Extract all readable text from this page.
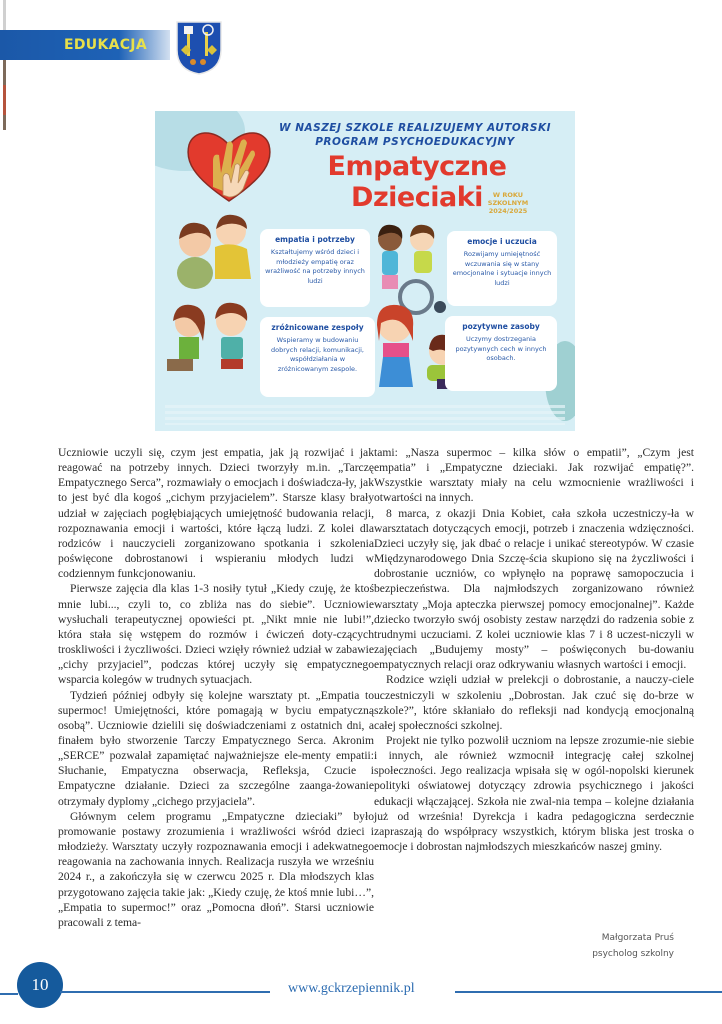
EDUKACJA
W NASZEJ SZKOLE REALIZUJEMY AUTORSKI
PROGRAM PSYCHOEDUKACYJNY
Empatyczne Dzieciaki	W ROKU SZKOLNYM
2024/2025
empatia i potrzeby

Kształtujemy wśród dzieci i młodzieży empatię oraz wrażliwość na potrzeby innych ludzi

emocje i uczucia

Rozwijamy umiejętność wczuwania się w stany emocjonalne i sytuacje innych ludzi

zróżnicowane zespoły

Wspieramy w budowaniu dobrych relacji, komunikacji, współdziałania w zróżnicowanym zespole.

pozytywne zasoby

Uczymy dostrzegania pozytywnych cech w innych osobach.

Uczniowie uczyli się, czym jest empatia, jak ją rozwijać i jak reagować na potrzeby innych. Dzieci tworzyły m.in. „Tarczę Empatycznego Serca”, rozmawiały o emocjach i doświadcza-ły, jak to jest być dla kogoś „cichym przyjacielem”. Starsze klasy brały udział w zajęciach pogłębiających umiejętność budowania relacji, rozpoznawania emocji i wartości, które łączą ludzi. Z kolei dla rodziców i nauczycieli zorganizowano spotkania i szkolenia poświęcone dobrostanowi i wspieraniu młodych ludzi w codziennym funkcjonowaniu.

Pierwsze zajęcia dla klas 1-3 nosiły tytuł „Kiedy czuję, że ktoś mnie lubi..., czyli to, co zbliża nas do siebie”. Uczniowie wysłuchali terapeutycznej opowieści pt. „Nikt mnie nie lubi!”, która stała się wstępem do rozmów i ćwiczeń doty-czących troskliwości i życzliwości. Dzieci wzięły również udział w zabawie „cichy przyjaciel”, podczas której uczyły się empatycznego wsparcia kolegów w trudnych sytuacjach.

Tydzień później odbyły się kolejne warsztaty pt. „Empatia to supermoc! Umiejętności, które pomagają w byciu empatyczną osobą”. Uczniowie dzielili się doświadczeniami z ostatnich dni, a finałem było stworzenie Tarczy Empatycznego Serca. Akronim „SERCE” pozwalał zapamiętać najważniejsze ele-menty empatii: Słuchanie, Empatyczna obserwacja, Refleksja, Czucie i Empatyczne działanie. Dzieci za szczególne zaanga-żowanie otrzymały dyplomy „cichego przyjaciela”.

Głównym celem programu „Empatyczne dzieciaki” było promowanie postawy zrozumienia i wrażliwości wśród dzieci i młodzieży. Warsztaty uczyły rozpoznawania emocji i adekwatnego reagowania na zachowania innych. Realizacja ruszyła we wrześniu 2024 r., a zakończyła się w czerwcu 2025 r. Dla młodszych klas przygotowano zajęcia takie jak: „Kiedy czuję, że ktoś mnie lubi…”, „Empatia to supermoc!” oraz „Pomocna dłoń”. Starsi uczniowie pracowali z tema-

tami: „Nasza supermoc – kilka słów o empatii”, „Czym jest empatia” i „Empatyczne dzieciaki. Jak rozwijać empatię?”. Wszystkie warsztaty miały na celu wzmocnienie wrażliwości i otwartości na innych.

8 marca, z okazji Dnia Kobiet, cała szkoła uczestniczy-ła w warsztatach dotyczących emocji, potrzeb i znaczenia wdzięczności. Dzieci uczyły się, jak dbać o relacje i unikać stereotypów. W czasie Międzynarodowego Dnia Szczę-ścia skupiono się na życzliwości i dobrostanie uczniów, co wpłynęło na poprawę samopoczucia i bezpieczeństwa. Dla najmłodszych zorganizowano również warsztaty „Moja apteczka pierwszej pomocy emocjonalnej”. Każde dziecko tworzyło swój osobisty zestaw narzędzi do radzenia sobie z trudnymi uczuciami. Z kolei uczniowie klas 7 i 8 uczest-niczyli w zajęciach „Budujemy mosty” – poświęconych bu-dowaniu empatycznych relacji oraz odkrywaniu własnych wartości i emocji.

Rodzice wzięli udział w prelekcji o dobrostanie, a nauczy-ciele uczestniczyli w szkoleniu „Dobrostan. Jak czuć się do-brze w szkole?”, które skłaniało do refleksji nad kondycją emocjonalną całej społeczności szkolnej.

Projekt nie tylko pozwolił uczniom na lepsze zrozumie-nie siebie i innych, ale również wzmocnił integrację całej szkolnej społeczności. Jego realizacja wpisała się w ogól-nopolski kierunek polityki oświatowej dotyczący zdrowia psychicznego i jakości edukacji włączającej. Szkoła nie zwal-nia tempa – kolejne działania już od września! Dyrekcja i kadra pedagogiczna serdecznie zapraszają do współpracy wszystkich, którym bliska jest troska o emocje i dobrostan najmłodszych mieszkańców naszej gminy.

Małgorzata Pruś
psycholog szkolny
10	www.gckrzepiennik.pl
